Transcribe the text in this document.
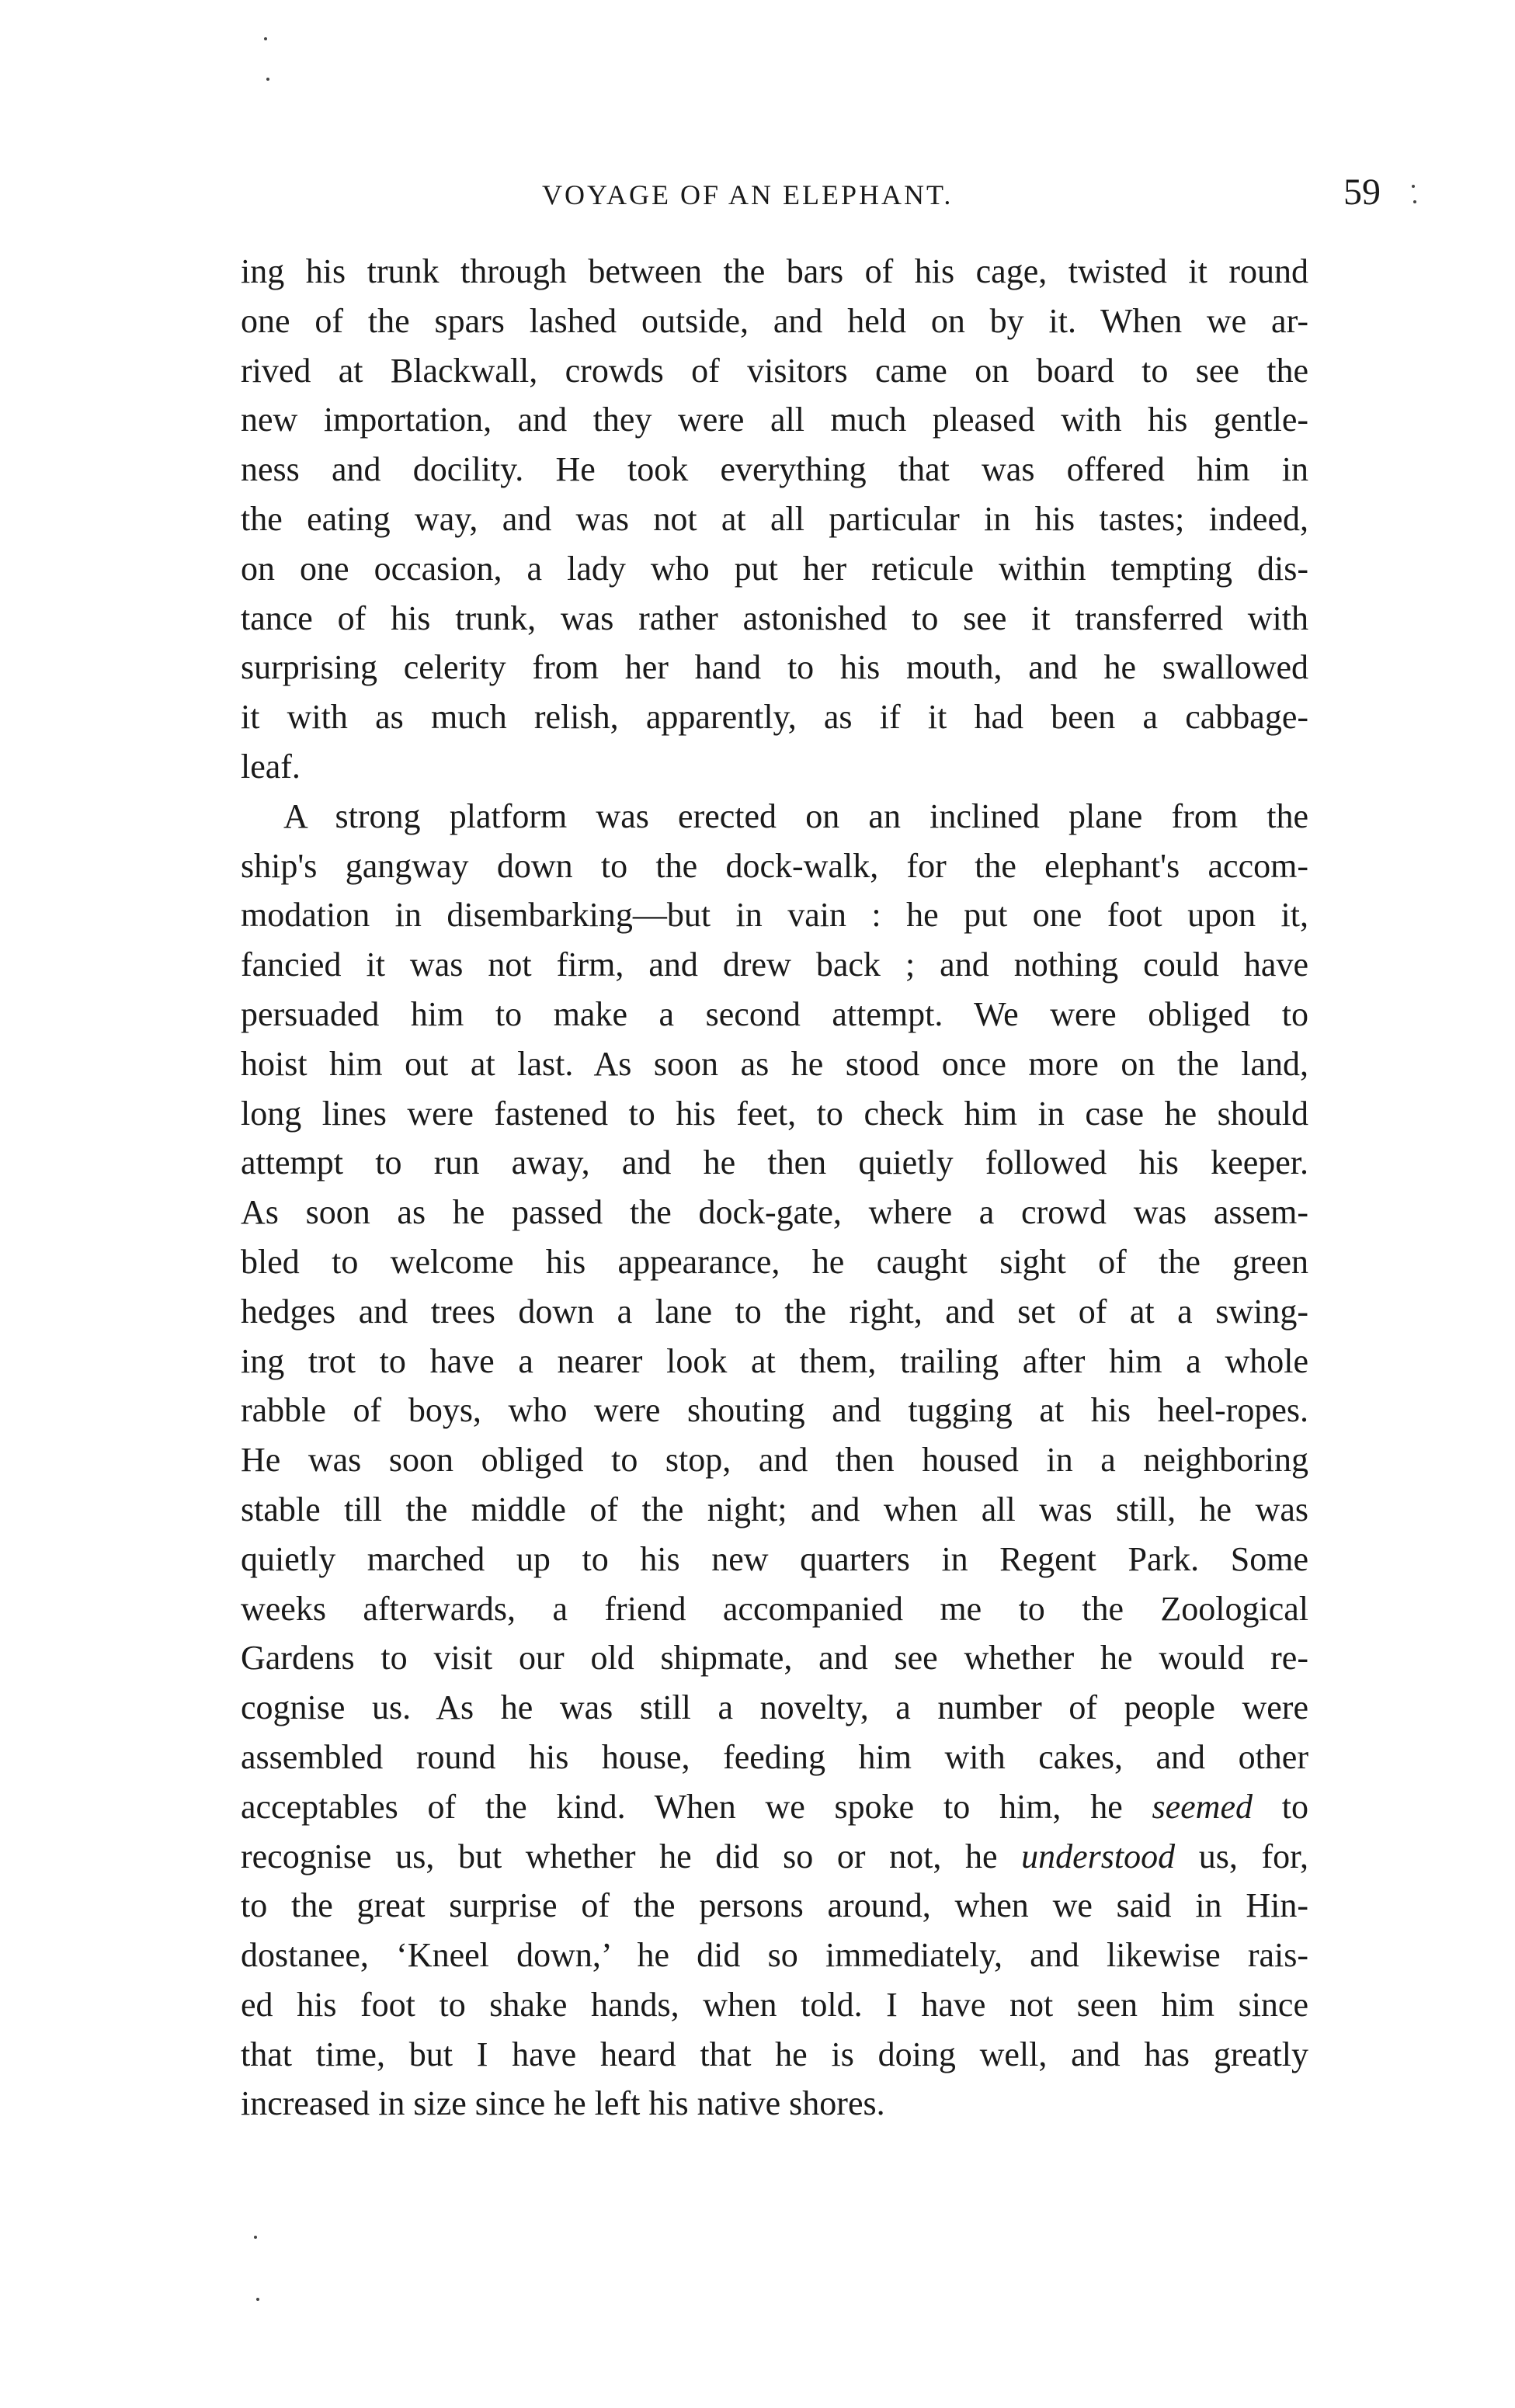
VOYAGE OF AN ELEPHANT.	59
ing his trunk through between the bars of his cage, twisted it round
one of the spars lashed outside, and held on by it. When we ar-
rived at Blackwall, crowds of visitors came on board to see the
new importation, and they were all much pleased with his gentle-
ness and docility. He took everything that was offered him in
the eating way, and was not at all particular in his tastes; indeed,
on one occasion, a lady who put her reticule within tempting dis-
tance of his trunk, was rather astonished to see it transferred with
surprising celerity from her hand to his mouth, and he swallowed
it with as much relish, apparently, as if it had been a cabbage-
leaf.
A strong platform was erected on an inclined plane from the
ship's gangway down to the dock-walk, for the elephant's accom-
modation in disembarking—but in vain : he put one foot upon it,
fancied it was not firm, and drew back ; and nothing could have
persuaded him to make a second attempt. We were obliged to
hoist him out at last. As soon as he stood once more on the land,
long lines were fastened to his feet, to check him in case he should
attempt to run away, and he then quietly followed his keeper.
As soon as he passed the dock-gate, where a crowd was assem-
bled to welcome his appearance, he caught sight of the green
hedges and trees down a lane to the right, and set of at a swing-
ing trot to have a nearer look at them, trailing after him a whole
rabble of boys, who were shouting and tugging at his heel-ropes.
He was soon obliged to stop, and then housed in a neighboring
stable till the middle of the night; and when all was still, he was
quietly marched up to his new quarters in Regent Park. Some
weeks afterwards, a friend accompanied me to the Zoological
Gardens to visit our old shipmate, and see whether he would re-
cognise us. As he was still a novelty, a number of people were
assembled round his house, feeding him with cakes, and other
acceptables of the kind. When we spoke to him, he seemed to
recognise us, but whether he did so or not, he understood us, for,
to the great surprise of the persons around, when we said in Hin-
dostanee, ‘Kneel down,’ he did so immediately, and likewise rais-
ed his foot to shake hands, when told. I have not seen him since
that time, but I have heard that he is doing well, and has greatly
increased in size since he left his native shores.
